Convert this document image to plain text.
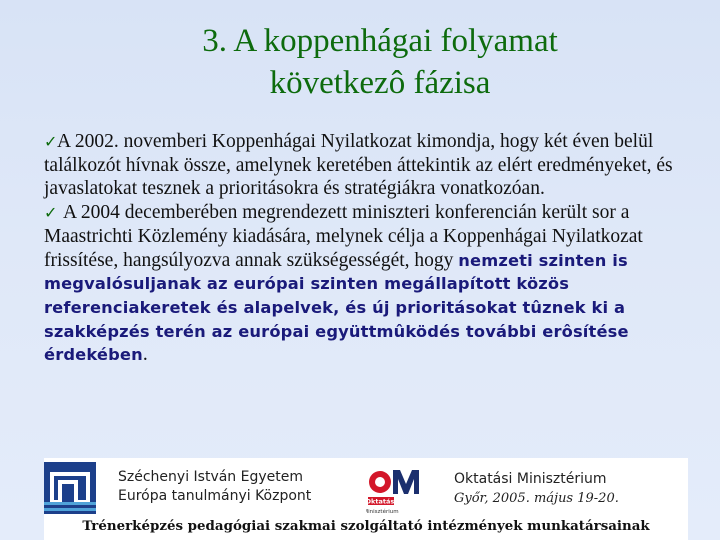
3. A koppenhágai folyamat
következô fázisa

✓A 2002. novemberi Koppenhágai Nyilatkozat kimondja, hogy két éven belül találkozót hívnak össze, amelynek keretében áttekintik az elért eredményeket, és javaslatokat tesznek a prioritásokra és stratégiákra vonatkozóan.

✓ A 2004 decemberében megrendezett miniszteri konferencián került sor a Maastrichti Közlemény kiadására, melynek célja a Koppenhágai Nyilatkozat frissítése, hangsúlyozva annak szükségességét, hogy nemzeti szinten is megvalósuljanak az európai szinten megállapított közös referenciakeretek és alapelvek, és új prioritásokat tûznek ki a szakképzés terén az európai együttmûködés további erôsítése érdekében.

Széchenyi István Egyetem
Európa tanulmányi Központ	Oktatási
Minisztérium
Oktatási Minisztérium
Győr, 2005. május 19-20.
Trénerképzés pedagógiai szakmai szolgáltató intézmények munkatársainak
